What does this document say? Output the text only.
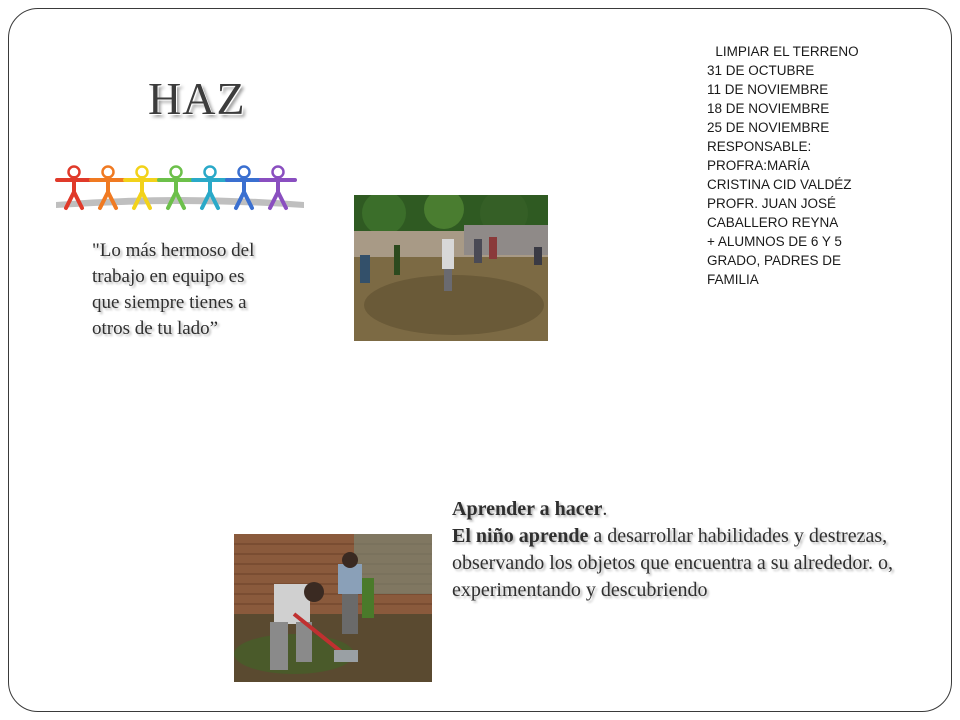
HAZ
"Lo más hermoso del trabajo en equipo es que siempre tienes a otros de tu lado”
LIMPIAR EL TERRENO
31 DE OCTUBRE
11 DE NOVIEMBRE
18 DE NOVIEMBRE
25 DE NOVIEMBRE
RESPONSABLE:
PROFRA:MARÍA CRISTINA CID VALDÉZ
PROFR. JUAN JOSÉ CABALLERO REYNA
+ ALUMNOS DE 6 Y 5 GRADO, PADRES DE FAMILIA
Aprender a hacer.
El niño aprende a desarrollar habilidades y destrezas, observando los objetos que encuentra a su alrededor. o, experimentando y descubriendo
